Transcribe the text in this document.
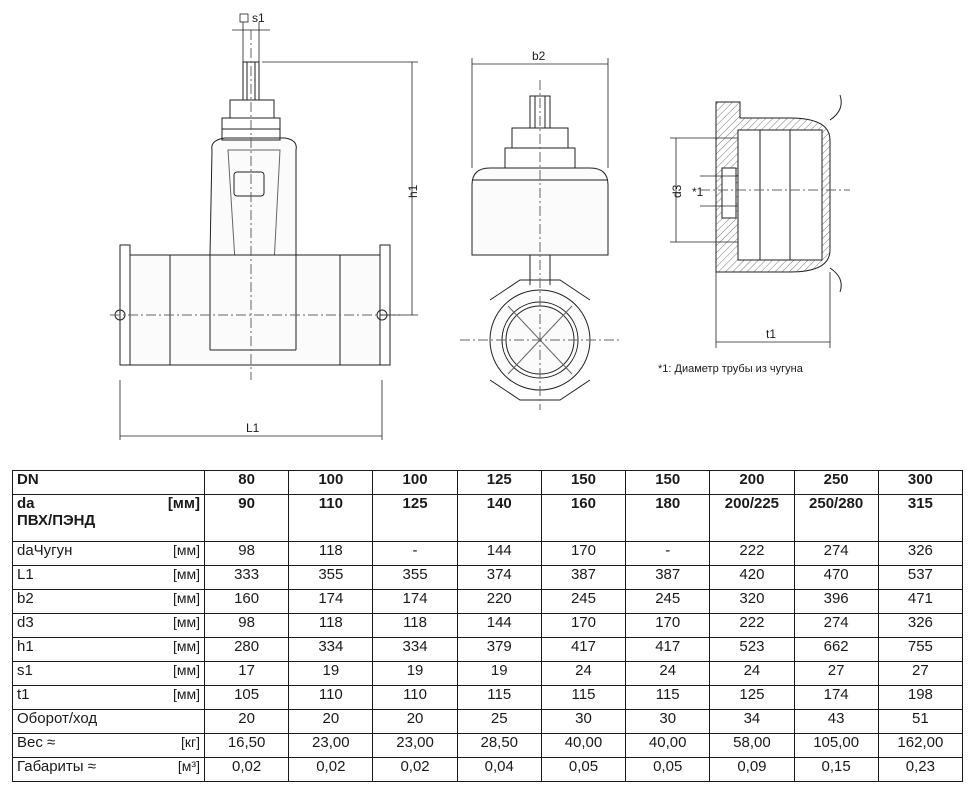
s1
h1
L1
b2
d3 *1
t1
*1: Диаметр трубы из чугуна
DN	80	100	100	125	150	150	200	250	300

da [мм]
ПВХ/ПЭНД	90	110	125	140	160	180	200/225	250/280	315

daЧугун [мм]	98	118	-	144	170	-	222	274	326

L1 [мм]	333	355	355	374	387	387	420	470	537

b2 [мм]	160	174	174	220	245	245	320	396	471

d3 [мм]	98	118	118	144	170	170	222	274	326

h1 [мм]	280	334	334	379	417	417	523	662	755

s1 [мм]	17	19	19	19	24	24	24	27	27

t1 [мм]	105	110	110	115	115	115	125	174	198

Оборот/ход	20	20	20	25	30	30	34	43	51

Вес ≈ [кг]	16,50	23,00	23,00	28,50	40,00	40,00	58,00	105,00	162,00

Габариты ≈ [м³]	0,02	0,02	0,02	0,04	0,05	0,05	0,09	0,15	0,23
